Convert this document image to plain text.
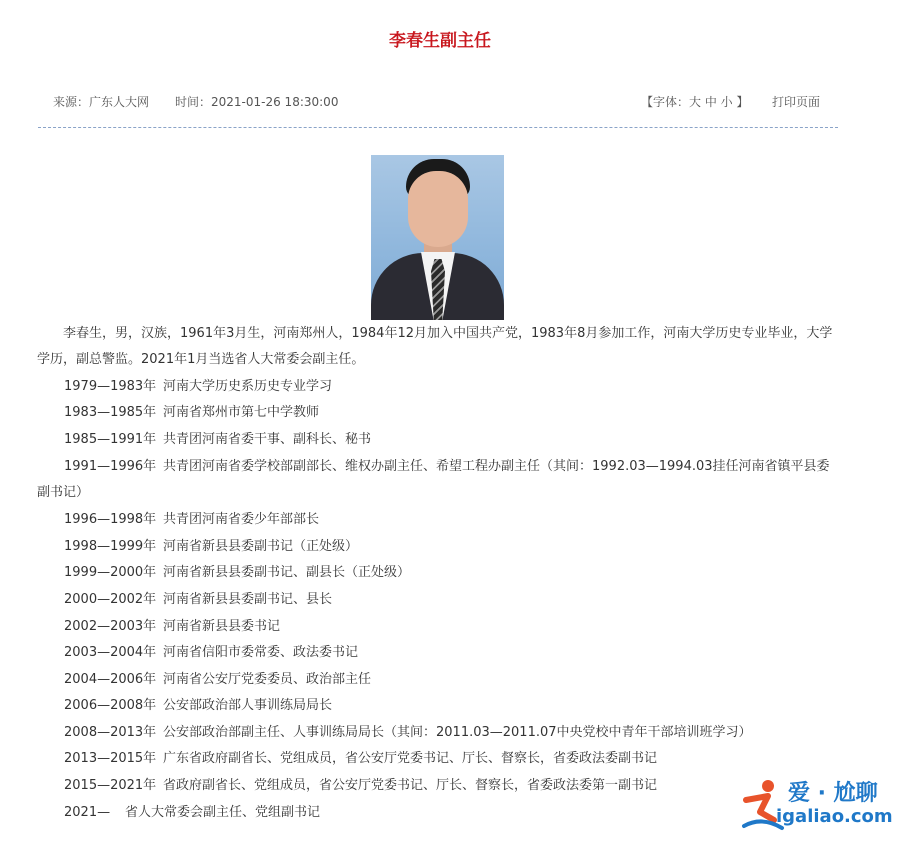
李春生副主任
来源：广东人大网 时间：2021-01-26 18:30:00	【字体：大 中 小 】 打印页面

李春生，男，汉族，1961年3月生，河南郑州人，1984年12月加入中国共产党，1983年8月参加工作，河南大学历史专业毕业，大学学历，副总警监。2021年1月当选省人大常委会副主任。

1979—1983年 河南大学历史系历史专业学习
1983—1985年 河南省郑州市第七中学教师
1985—1991年 共青团河南省委干事、副科长、秘书
1991—1996年 共青团河南省委学校部副部长、维权办副主任、希望工程办副主任（其间：1992.03—1994.03挂任河南省镇平县委副书记）
1996—1998年 共青团河南省委少年部部长
1998—1999年 河南省新县县委副书记（正处级）
1999—2000年 河南省新县县委副书记、副县长（正处级）
2000—2002年 河南省新县县委副书记、县长
2002—2003年 河南省新县县委书记
2003—2004年 河南省信阳市委常委、政法委书记
2004—2006年 河南省公安厅党委委员、政治部主任
2006—2008年 公安部政治部人事训练局局长
2008—2013年 公安部政治部副主任、人事训练局局长（其间：2011.03—2011.07中央党校中青年干部培训班学习）
2013—2015年 广东省政府副省长、党组成员，省公安厅党委书记、厅长、督察长，省委政法委副书记
2015—2021年 省政府副省长、党组成员，省公安厅党委书记、厅长、督察长，省委政法委第一副书记
2021— 省人大常委会副主任、党组副书记
爱 · 尬聊
igaliao.com
